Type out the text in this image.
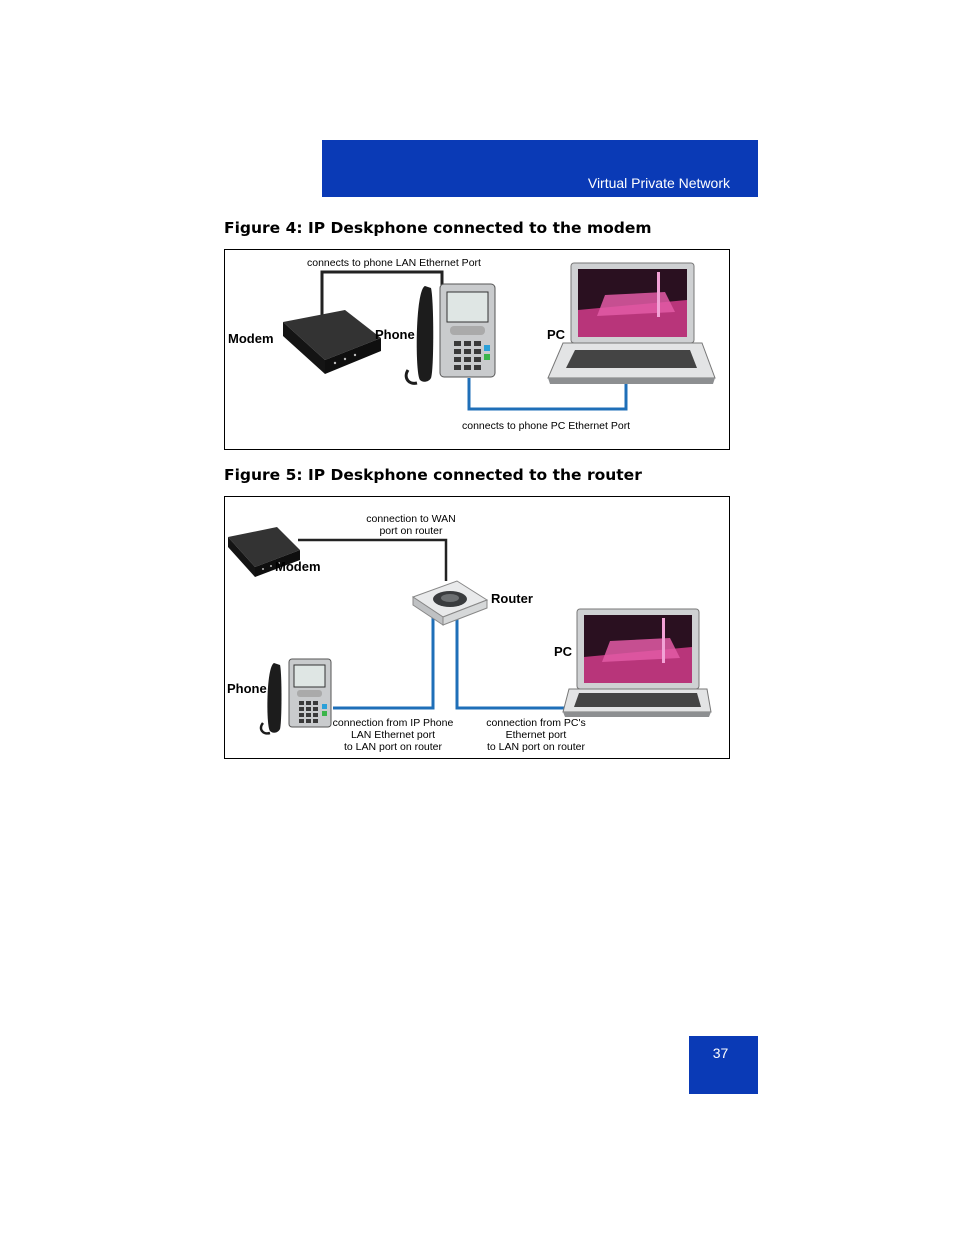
Virtual Private Network
Figure 4: IP Deskphone connected to the modem
Modem	Phone	PC
connects to phone LAN Ethernet Port
connects to phone PC Ethernet Port
Figure 5: IP Deskphone connected to the router
Modem
Router
Phone
PC
connection to WAN
port on router
connection from IP Phone
LAN Ethernet port
to LAN port on router
connection from PC's
Ethernet port
to LAN port on router
37
